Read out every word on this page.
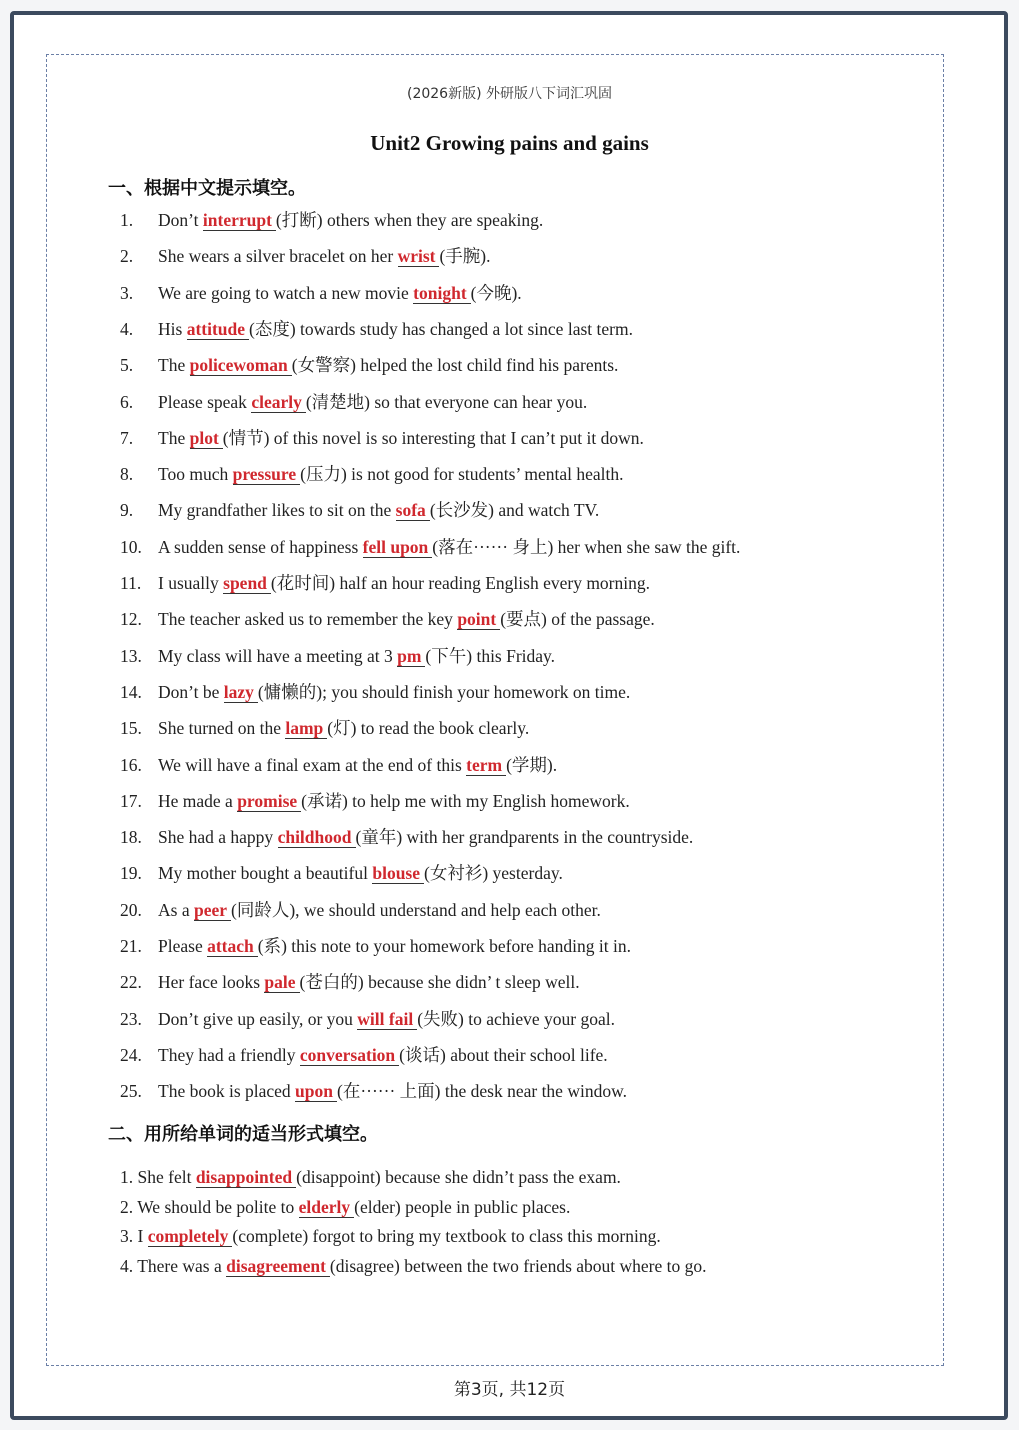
(2026新版) 外研版八下词汇巩固
Unit2 Growing pains and gains
一、根据中文提示填空。
1. Don’t interrupt (打断) others when they are speaking.
2. She wears a silver bracelet on her wrist (手腕).
3. We are going to watch a new movie tonight (今晚).
4. His attitude (态度) towards study has changed a lot since last term.
5. The policewoman (女警察) helped the lost child find his parents.
6. Please speak clearly (清楚地) so that everyone can hear you.
7. The plot (情节) of this novel is so interesting that I can’t put it down.
8. Too much pressure (压力) is not good for students’ mental health.
9. My grandfather likes to sit on the sofa (长沙发) and watch TV.
10. A sudden sense of happiness fell upon (落在······ 身上) her when she saw the gift.
11. I usually spend (花时间) half an hour reading English every morning.
12. The teacher asked us to remember the key point (要点) of the passage.
13. My class will have a meeting at 3 pm (下午) this Friday.
14. Don’t be lazy (慵懒的); you should finish your homework on time.
15. She turned on the lamp (灯) to read the book clearly.
16. We will have a final exam at the end of this term (学期).
17. He made a promise (承诺) to help me with my English homework.
18. She had a happy childhood (童年) with her grandparents in the countryside.
19. My mother bought a beautiful blouse (女衬衫) yesterday.
20. As a peer (同龄人), we should understand and help each other.
21. Please attach (系) this note to your homework before handing it in.
22. Her face looks pale (苍白的) because she didn’ t sleep well.
23. Don’t give up easily, or you will fail (失败) to achieve your goal.
24. They had a friendly conversation (谈话) about their school life.
25. The book is placed upon (在······ 上面) the desk near the window.
二、用所给单词的适当形式填空。
1. She felt disappointed (disappoint) because she didn’t pass the exam.
2. We should be polite to elderly (elder) people in public places.
3. I completely (complete) forgot to bring my textbook to class this morning.
4. There was a disagreement (disagree) between the two friends about where to go.
第3页, 共12页
